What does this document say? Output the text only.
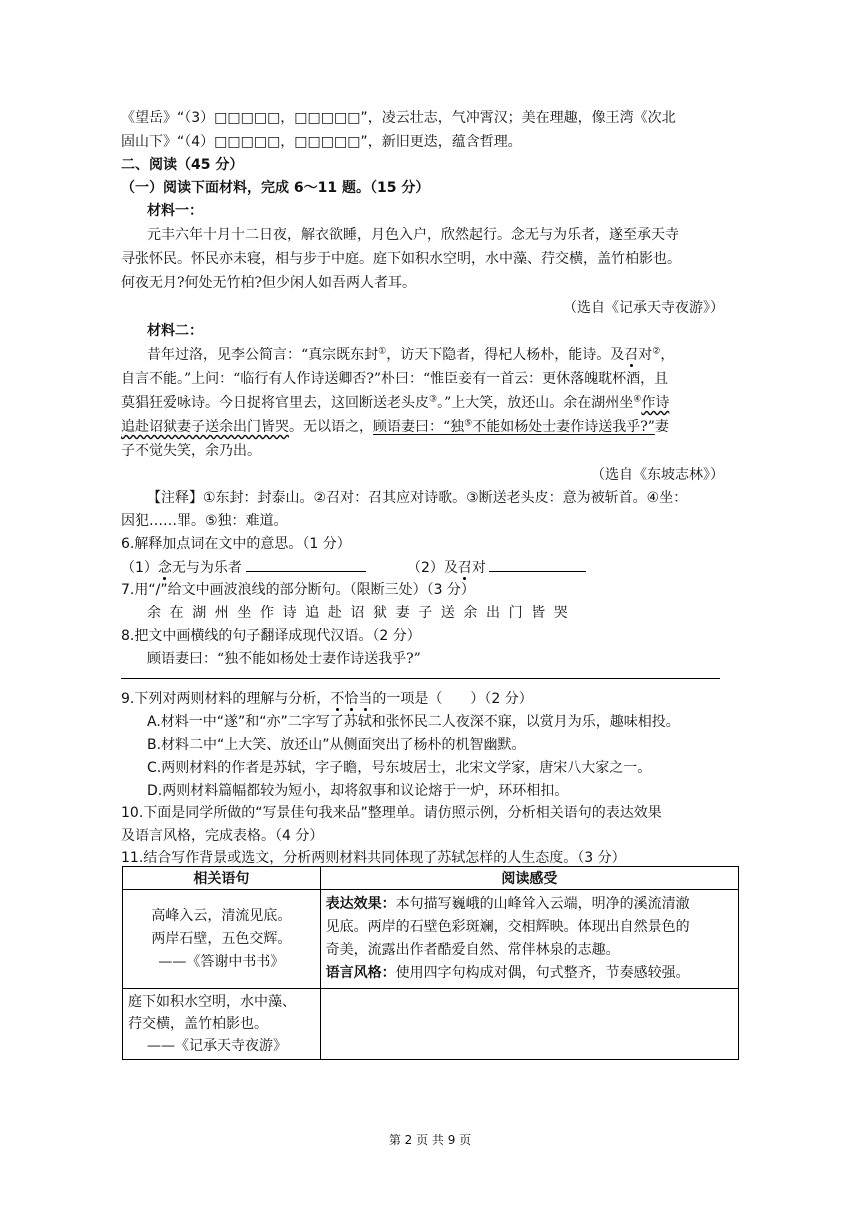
《望岳》“（3）□□□□□，□□□□□”，凌云壮志，气冲霄汉；美在理趣，像王湾《次北
固山下》“（4）□□□□□，□□□□□”，新旧更迭，蕴含哲理。
二、阅读（45 分）
（一）阅读下面材料，完成 6～11 题。（15 分）
材料一：
元丰六年十月十二日夜，解衣欲睡，月色入户，欣然起行。念无与为乐者，遂至承天寺
寻张怀民。怀民亦未寝，相与步于中庭。庭下如积水空明，水中藻、荇交横，盖竹柏影也。
何夜无月?何处无竹柏?但少闲人如吾两人者耳。
（选自《记承天寺夜游》）
材料二：
昔年过洛，见李公简言：“真宗既东封①，访天下隐者，得杞人杨朴，能诗。及召对②，
自言不能。”上问：“临行有人作诗送卿否?”朴曰：“惟臣妾有一首云：更休落魄耽杯酒，且
莫猖狂爱咏诗。今日捉将官里去，这回断送老头皮③。”上大笑，放还山。余在湖州坐④作诗
追赴诏狱妻子送余出门皆哭。无以语之，顾语妻曰：“独⑤不能如杨处士妻作诗送我乎?”妻
子不觉失笑，余乃出。
（选自《东坡志林》）
【注释】①东封：封泰山。②召对：召其应对诗歌。③断送老头皮：意为被斩首。④坐：
因犯……罪。⑤独：难道。
6.解释加点词在文中的意思。（1 分）
（1）念无与为乐者	（2）及召对
7.用“/”给文中画波浪线的部分断句。（限断三处）（3 分）
余在湖州坐作诗追赴诏狱妻子送余出门皆哭
8.把文中画横线的句子翻译成现代汉语。（2 分）
顾语妻曰：“独不能如杨处士妻作诗送我乎?”
9.下列对两则材料的理解与分析，不恰当的一项是（　　）（2 分）
A.材料一中“遂”和“亦”二字写了苏轼和张怀民二人夜深不寐，以赏月为乐，趣味相投。
B.材料二中“上大笑、放还山”从侧面突出了杨朴的机智幽默。
C.两则材料的作者是苏轼，字子瞻，号东坡居士，北宋文学家，唐宋八大家之一。
D.两则材料篇幅都较为短小，却将叙事和议论熔于一炉，环环相扣。
10.下面是同学所做的“写景佳句我来品”整理单。请仿照示例，分析相关语句的表达效果
及语言风格，完成表格。（4 分）
11.结合写作背景或选文，分析两则材料共同体现了苏轼怎样的人生态度。（3 分）
相关语句	阅读感受

高峰入云，清流见底。
两岸石壁，五色交辉。
——《答谢中书书》	表达效果：本句描写巍峨的山峰耸入云端，明净的溪流清澈
见底。两岸的石壁色彩斑斓，交相辉映。体现出自然景色的
奇美，流露出作者酷爱自然、常伴林泉的志趣。
语言风格：使用四字句构成对偶，句式整齐，节奏感较强。

庭下如积水空明，水中藻、
荇交横，盖竹柏影也。
——《记承天寺夜游》	

第 2 页 共 9 页
